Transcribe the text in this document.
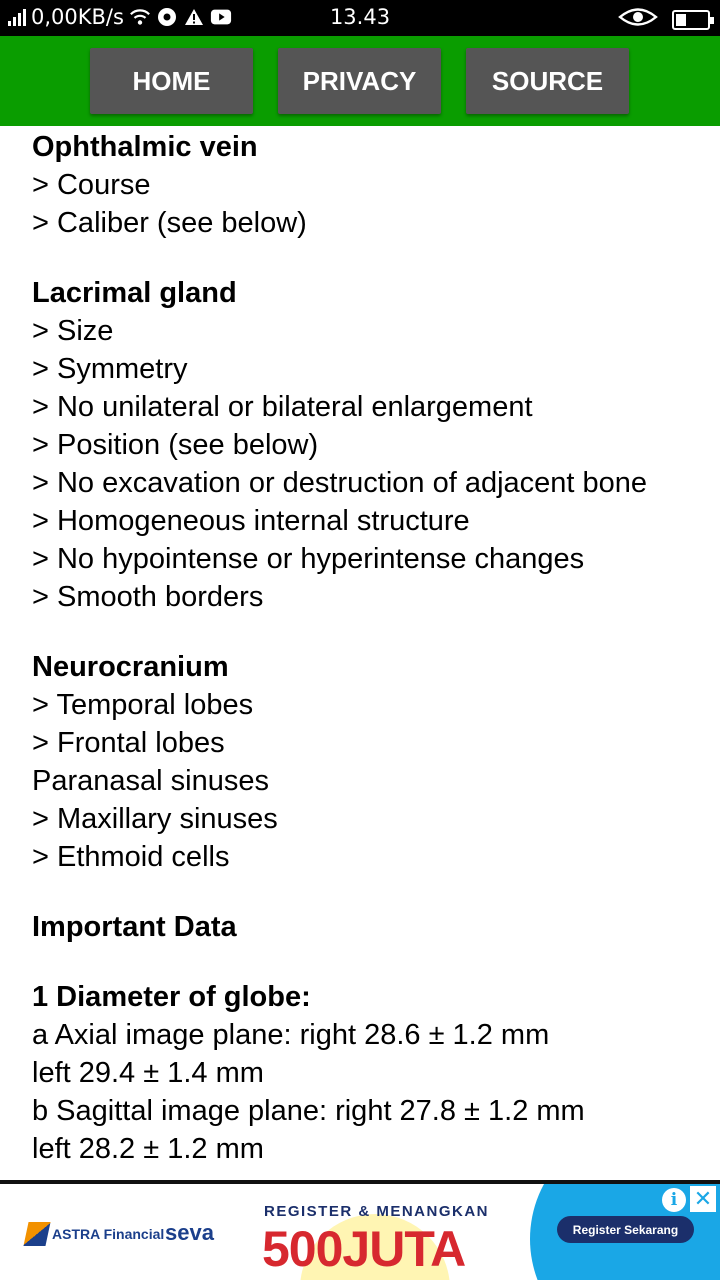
0,00KB/s	13.43
HOME	PRIVACY	SOURCE
Ophthalmic vein
> Course
> Caliber (see below)
Lacrimal gland
> Size
> Symmetry
> No unilateral or bilateral enlargement
> Position (see below)
> No excavation or destruction of adjacent bone
> Homogeneous internal structure
> No hypointense or hyperintense changes
> Smooth borders
Neurocranium
> Temporal lobes
> Frontal lobes
Paranasal sinuses
> Maxillary sinuses
> Ethmoid cells
Important Data
1 Diameter of globe:
a Axial image plane: right 28.6 ± 1.2 mm
left 29.4 ± 1.4 mm
b Sagittal image plane: right 27.8 ± 1.2 mm
left 28.2 ± 1.2 mm
ASTRA Financial seva
REGISTER & MENANGKAN
500JUTA	Register Sekarang
i ✕
